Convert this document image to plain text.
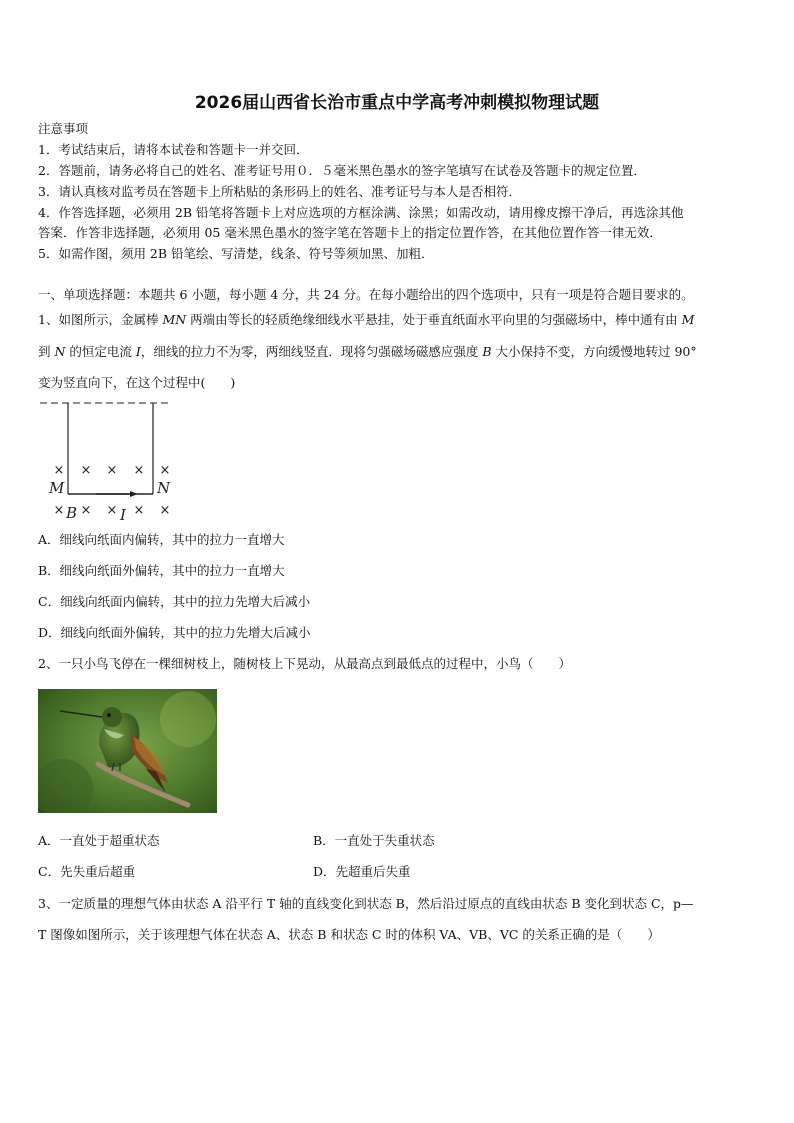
2026届山西省长治市重点中学高考冲刺模拟物理试题
注意事项
1．考试结束后，请将本试卷和答题卡一并交回．
2．答题前，请务必将自己的姓名、准考证号用０．５毫米黑色墨水的签字笔填写在试卷及答题卡的规定位置．
3．请认真核对监考员在答题卡上所粘贴的条形码上的姓名、准考证号与本人是否相符．
4．作答选择题，必须用 2B 铅笔将答题卡上对应选项的方框涂满、涂黑；如需改动，请用橡皮擦干净后，再选涂其他
答案．作答非选择题，必须用 05 毫米黑色墨水的签字笔在答题卡上的指定位置作答，在其他位置作答一律无效．
5．如需作图，须用 2B 铅笔绘、写清楚，线条、符号等须加黑、加粗．
一、单项选择题：本题共 6 小题，每小题 4 分，共 24 分。在每小题给出的四个选项中，只有一项是符合题目要求的。
1、如图所示，金属棒 MN 两端由等长的轻质绝缘细线水平悬挂，处于垂直纸面水平向里的匀强磁场中，棒中通有由 M
到 N 的恒定电流 I，细线的拉力不为零，两细线竖直．现将匀强磁场磁感应强度 B 大小保持不变，方向缓慢地转过 90°
变为竖直向下，在这个过程中(　　)
× × × × ×
× × × × ×
M	N
B	I
A．细线向纸面内偏转，其中的拉力一直增大
B．细线向纸面外偏转，其中的拉力一直增大
C．细线向纸面内偏转，其中的拉力先增大后减小
D．细线向纸面外偏转，其中的拉力先增大后减小
2、一只小鸟飞停在一棵细树枝上，随树枝上下晃动，从最高点到最低点的过程中，小鸟（　　）
A．一直处于超重状态	B．一直处于失重状态
C．先失重后超重	D．先超重后失重
3、一定质量的理想气体由状态 A 沿平行 T 轴的直线变化到状态 B，然后沿过原点的直线由状态 B 变化到状态 C，p—
T 图像如图所示，关于该理想气体在状态 A、状态 B 和状态 C 时的体积 VA、VB、VC 的关系正确的是（　　）
